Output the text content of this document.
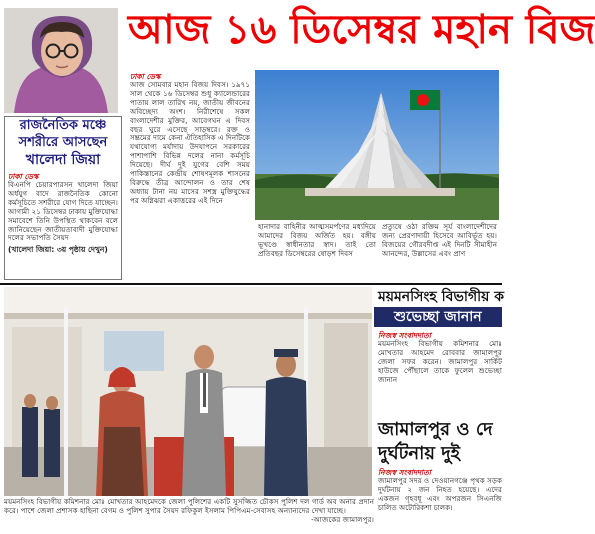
আজ ১৬ ডিসেম্বর মহান বিজ
রাজনৈতিক মঞ্চে
সশরীরে আসছেন
খালেদা জিয়া
ঢাকা ডেস্ক
বিএনপি চেয়ারপারসন খালেদা জিয়া অর্ধযুগ বাদে রাজনৈতিক কোনো কর্মসূচিতে সশরীরে যোগ দিতে যাচ্ছেন। আগামী ২১ ডিসেম্বর ঢাকায় মুক্তিযোদ্ধা সমাবেশে তিনি উপস্থিত থাকবেন বলে জানিয়েছেন জাতীয়তাবাদী মুক্তিযোদ্ধা দলের সভাপতি সৈয়দ
(খালেদা জিয়া: ৩য় পৃষ্ঠায় দেখুন)
ঢাকা ডেস্ক
আজ সোমবার মহান বিজয় দিবস। ১৯৭১ সাল থেকে ১৬ ডিসেম্বর শুধু ক্যালেন্ডারের পাতায় লাল তারিখ নয়, জাতীয় জীবনের অবিচ্ছেদ্য অংশ। নিরীশেষে সকল বাংলাদেশীর মুক্তির, আবেগঘন এ দিবস বছর ঘুরে এসেছে সাড়ম্বরে। রক্ত ও সম্ভ্রমের দামে কেনা ঐতিহাসিক এ দিনটিকে যথাযোগ্য মর্যাদায় উদযাপনে সরকারের পাশাপাশি বিভিন্ন দলের নানা কর্মসূচি দিয়েছে। দীর্ঘ দুই যুগের বেশি সময় পাকিস্তানের কেন্দ্রীয় শোষণমূলক শাসনের বিরুদ্ধে তীব্র আন্দোলন ও তার শেষ অধ্যায় টানা নয় মাসের সশস্ত্র মুক্তিযুদ্ধের পর অগ্নিঝরা একাত্তরের এই দিনে
হানাদার বাহিনীর আত্মসমর্পণের মধ্যদিয়ে আমাদের বিজয় অর্জিত হয়। বঙ্গীয় ভূখণ্ডে স্বাধীনতার স্বাদ। তাই তো প্রতিবছর ডিসেম্বরের ষোড়শ দিবস
প্রত্যুষে ওঠা রক্তিম সূর্য বাংলাদেশীদের জন্য প্রেরণাদায়ী হিসেবে আবির্ভূত হয়। বিজয়ের গৌরবদীপ্ত এই দিনটি সীমাহীন আনন্দের, উল্লাসের এবং প্রাণ
ময়মনসিংহ বিভাগীয় কমিশনার মোঃ মোখতার আহমেদকে জেলা পুলিশের একটি সুসজ্জিত চৌকস পুলিশ দল গার্ড অব অনার প্রদান করে। পাশে জেলা প্রশাসক হাছিনা বেগম ও পুলিশ সুপার সৈয়দ রফিকুল ইসলাম পিপিএম-সেবাসহ অন্যান্যদের দেখা যাচ্ছে।
-আজকের জামালপুর।
ময়মনসিংহ বিভাগীয় ক
শুভেচ্ছা জানান
নিজস্ব সংবাদদাতা
ময়মনসিংহ বিভাগীয় কমিশনার মোঃ মোখতার আহমেদ রোববার জামালপুর জেলা সফর করেন। জামালপুর সার্কিট হাউজে পৌঁছালে তাকে ফুলেল শুভেচ্ছা জানান
জামালপুর ও দে
দুর্ঘটনায় দুই
নিজস্ব সংবাদদাতা
জামালপুর সদর ও দেওয়ানগঞ্জে পৃথক সড়ক দুর্ঘটনায় ২ জন নিহত হয়েছে। এদের একজন গৃহবধূ এবং অপরজন সিএনজি চালিত অটোরিকশা চালক।
